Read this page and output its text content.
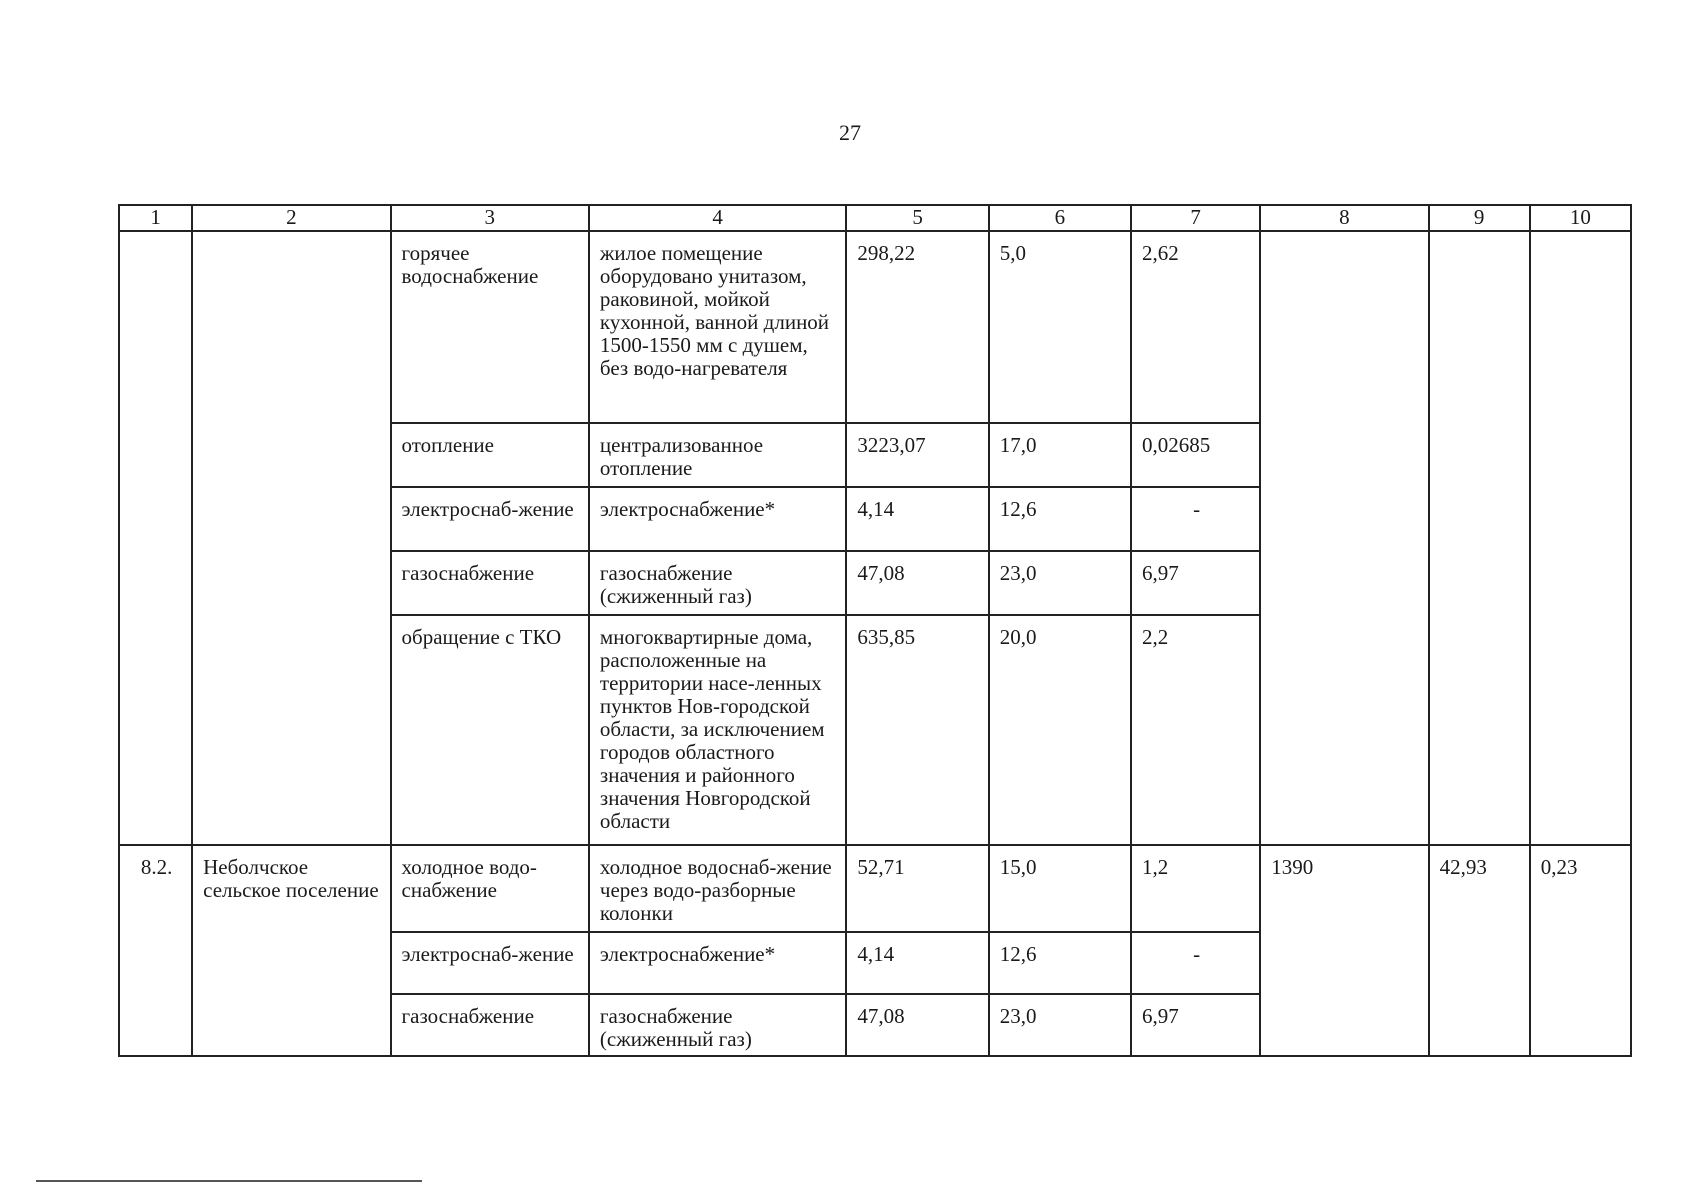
27
1	2	3	4	5	6	7	8	9	10
		горячее водоснабжение	жилое помещение оборудовано унитазом, раковиной, мойкой кухонной, ванной длиной 1500-1550 мм с душем, без водо-нагревателя	298,22	5,0	2,62			
		отопление	централизованное отопление	3223,07	17,0	0,02685			
		электроснаб-жение	электроснабжение*	4,14	12,6	-			
		газоснабжение	газоснабжение (сжиженный газ)	47,08	23,0	6,97			
		обращение с ТКО	многоквартирные дома, расположенные на территории насе-ленных пунктов Нов-городской области, за исключением городов областного значения и районного значения Новгородской области	635,85	20,0	2,2			
8.2.	Неболчское сельское поселение	холодное водо-снабжение	холодное водоснаб-жение через водо-разборные колонки	52,71	15,0	1,2	1390	42,93	0,23
		электроснаб-жение	электроснабжение*	4,14	12,6	-			
		газоснабжение	газоснабжение (сжиженный газ)	47,08	23,0	6,97			
